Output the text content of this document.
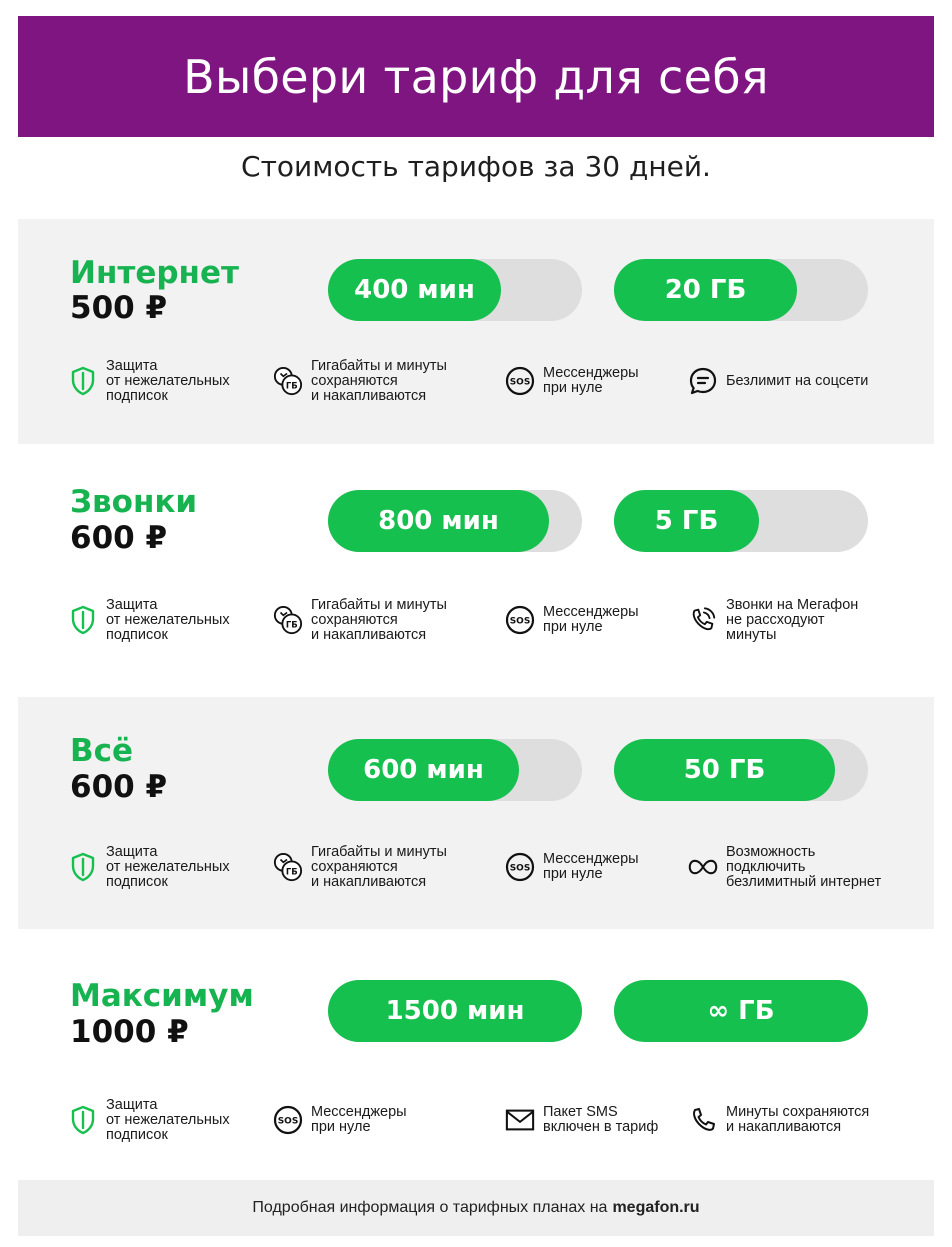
Выбери тариф для себя
Стоимость тарифов за 30 дней.
Интернет
500 ₽	400 мин	20 ГБ
Защита
от нежелательных
подписок
ГБ
Гигабайты и минуты
сохраняются
и накапливаются
SOS
Мессенджеры
при нуле	Безлимит на соцсети
Звонки
600 ₽	800 мин	5 ГБ
Защита
от нежелательных
подписок
ГБ
Гигабайты и минуты
сохраняются
и накапливаются
SOS
Мессенджеры
при нуле
Звонки на Мегафон
не рассходуют
минуты
Всё
600 ₽	600 мин	50 ГБ
Защита
от нежелательных
подписок
ГБ
Гигабайты и минуты
сохраняются
и накапливаются
SOS
Мессенджеры
при нуле
Возможность
подключить
безлимитный интернет
Максимум
1000 ₽
1500 мин	∞ ГБ
Защита
от нежелательных
подписок
SOS
Мессенджеры
при нуле
Пакет SMS
включен в тариф
Минуты сохраняются
и накапливаются
Подробная информация о тарифных планах на megafon.ru
